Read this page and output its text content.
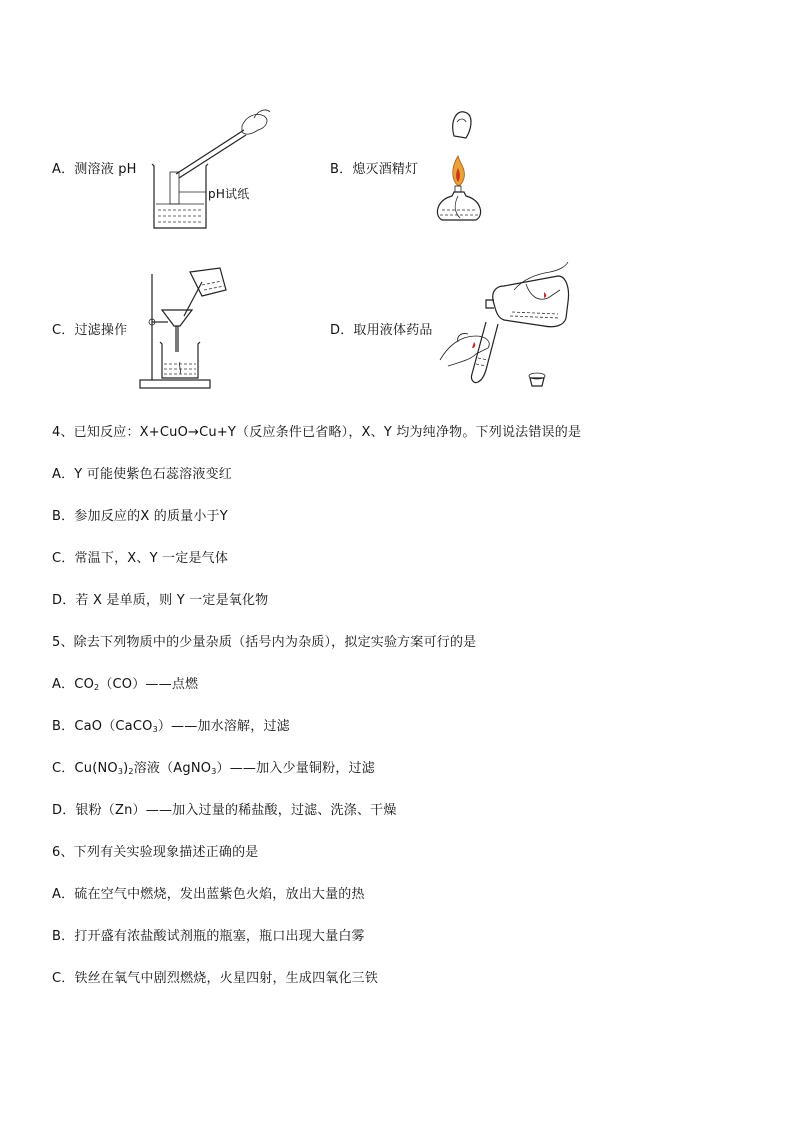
A．测溶液 pH
pH试纸
B．熄灭酒精灯
C．过滤操作	D．取用液体药品
4、已知反应：X+CuO→Cu+Y（反应条件已省略），X、Y 均为纯净物。下列说法错误的是
A．Y 可能使紫色石蕊溶液变红
B．参加反应的X 的质量小于Y
C．常温下，X、Y 一定是气体
D．若 X 是单质，则 Y 一定是氧化物
5、除去下列物质中的少量杂质（括号内为杂质），拟定实验方案可行的是
A．$CO_2(CO)——$点燃
B．CaO（CaCO$_3$）——加水溶解，过滤
C．$Cu(NO_3)_2$溶液（AgNO$_3$）——加入少量铜粉，过滤
D．银粉（Zn）——加入过量的稀盐酸，过滤、洗涤、干燥
6、下列有关实验现象描述正确的是
A．硫在空气中燃烧，发出蓝紫色火焰，放出大量的热
B．打开盛有浓盐酸试剂瓶的瓶塞，瓶口出现大量白雾
C．铁丝在氧气中剧烈燃烧，火星四射，生成四氧化三铁
